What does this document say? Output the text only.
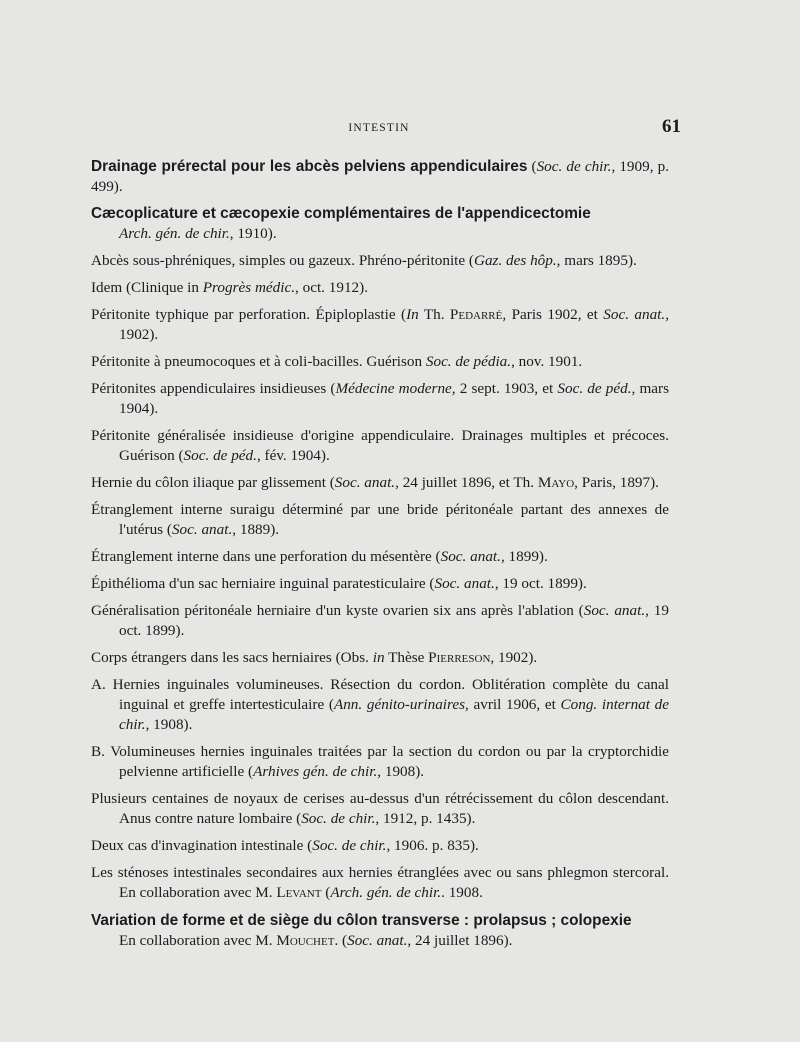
INTESTIN	61
Drainage prérectal pour les abcès pelviens appendiculaires (Soc. de chir., 1909, p. 499).
Cæcoplicature et cæcopexie complémentaires de l'appendicectomie
Arch. gén. de chir., 1910).
Abcès sous-phréniques, simples ou gazeux. Phréno-péritonite (Gaz. des hôp., mars 1895).
Idem (Clinique in Progrès médic., oct. 1912).
Péritonite typhique par perforation. Épiploplastie (In Th. Pedarré, Paris 1902, et Soc. anat., 1902).
Péritonite à pneumocoques et à coli-bacilles. Guérison Soc. de pédia., nov. 1901.
Péritonites appendiculaires insidieuses (Médecine moderne, 2 sept. 1903, et Soc. de péd., mars 1904).
Péritonite généralisée insidieuse d'origine appendiculaire. Drainages multiples et précoces. Guérison (Soc. de péd., fév. 1904).
Hernie du côlon iliaque par glissement (Soc. anat., 24 juillet 1896, et Th. Mayo, Paris, 1897).
Étranglement interne suraigu déterminé par une bride péritonéale partant des annexes de l'utérus (Soc. anat., 1889).
Étranglement interne dans une perforation du mésentère (Soc. anat., 1899).
Épithélioma d'un sac herniaire inguinal paratesticulaire (Soc. anat., 19 oct. 1899).
Généralisation péritonéale herniaire d'un kyste ovarien six ans après l'ablation (Soc. anat., 19 oct. 1899).
Corps étrangers dans les sacs herniaires (Obs. in Thèse Pierreson, 1902).
A. Hernies inguinales volumineuses. Résection du cordon. Oblitération complète du canal inguinal et greffe intertesticulaire (Ann. génito-urinaires, avril 1906, et Cong. internat de chir., 1908).
B. Volumineuses hernies inguinales traitées par la section du cordon ou par la cryptorchidie pelvienne artificielle (Arhives gén. de chir., 1908).
Plusieurs centaines de noyaux de cerises au-dessus d'un rétrécissement du côlon descendant. Anus contre nature lombaire (Soc. de chir., 1912, p. 1435).
Deux cas d'invagination intestinale (Soc. de chir., 1906. p. 835).
Les sténoses intestinales secondaires aux hernies étranglées avec ou sans phlegmon stercoral. En collaboration avec M. Levant (Arch. gén. de chir.. 1908.
Variation de forme et de siège du côlon transverse : prolapsus ; colopexie
En collaboration avec M. Mouchet. (Soc. anat., 24 juillet 1896).
